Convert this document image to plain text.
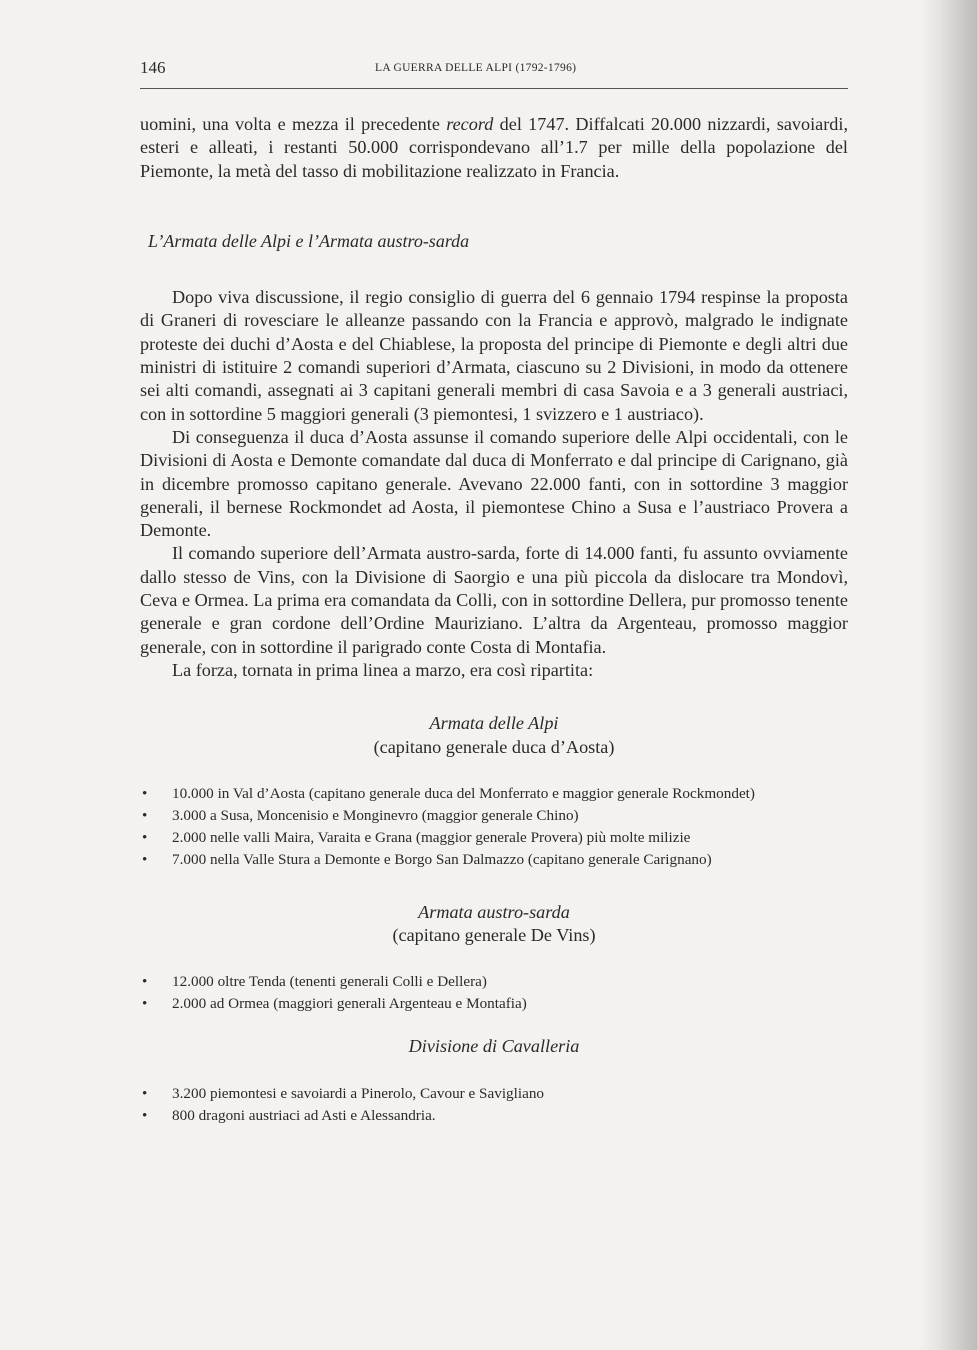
146	LA GUERRA DELLE ALPI (1792-1796)

uomini, una volta e mezza il precedente record del 1747. Diffalcati 20.000 nizzardi, savoiardi, esteri e alleati, i restanti 50.000 corrispondevano all’1.7 per mille della popolazione del Piemonte, la metà del tasso di mobilitazione realizzato in Francia.

L’Armata delle Alpi e l’Armata austro-sarda

Dopo viva discussione, il regio consiglio di guerra del 6 gennaio 1794 respinse la proposta di Graneri di rovesciare le alleanze passando con la Francia e approvò, malgrado le indignate proteste dei duchi d’Aosta e del Chiablese, la proposta del principe di Piemonte e degli altri due ministri di istituire 2 comandi superiori d’Armata, ciascuno su 2 Divisioni, in modo da ottenere sei alti comandi, assegnati ai 3 capitani generali membri di casa Savoia e a 3 generali austriaci, con in sottordine 5 maggiori generali (3 piemontesi, 1 svizzero e 1 austriaco).

Di conseguenza il duca d’Aosta assunse il comando superiore delle Alpi occidentali, con le Divisioni di Aosta e Demonte comandate dal duca di Monferrato e dal principe di Carignano, già in dicembre promosso capitano generale. Avevano 22.000 fanti, con in sottordine 3 maggior generali, il bernese Rockmondet ad Aosta, il piemontese Chino a Susa e l’austriaco Provera a Demonte.

Il comando superiore dell’Armata austro-sarda, forte di 14.000 fanti, fu assunto ovviamente dallo stesso de Vins, con la Divisione di Saorgio e una più piccola da dislocare tra Mondovì, Ceva e Ormea. La prima era comandata da Colli, con in sottordine Dellera, pur promosso tenente generale e gran cordone dell’Ordine Mauriziano. L’altra da Argenteau, promosso maggior generale, con in sottordine il parigrado conte Costa di Montafia.

La forza, tornata in prima linea a marzo, era così ripartita:

Armata delle Alpi
(capitano generale duca d’Aosta)
• 10.000 in Val d’Aosta (capitano generale duca del Monferrato e maggior generale Rockmondet)
• 3.000 a Susa, Moncenisio e Monginevro (maggior generale Chino)
• 2.000 nelle valli Maira, Varaita e Grana (maggior generale Provera) più molte milizie
• 7.000 nella Valle Stura a Demonte e Borgo San Dalmazzo (capitano generale Carignano)
Armata austro-sarda
(capitano generale De Vins)
• 12.000 oltre Tenda (tenenti generali Colli e Dellera)
• 2.000 ad Ormea (maggiori generali Argenteau e Montafia)
Divisione di Cavalleria
• 3.200 piemontesi e savoiardi a Pinerolo, Cavour e Savigliano
• 800 dragoni austriaci ad Asti e Alessandria.
